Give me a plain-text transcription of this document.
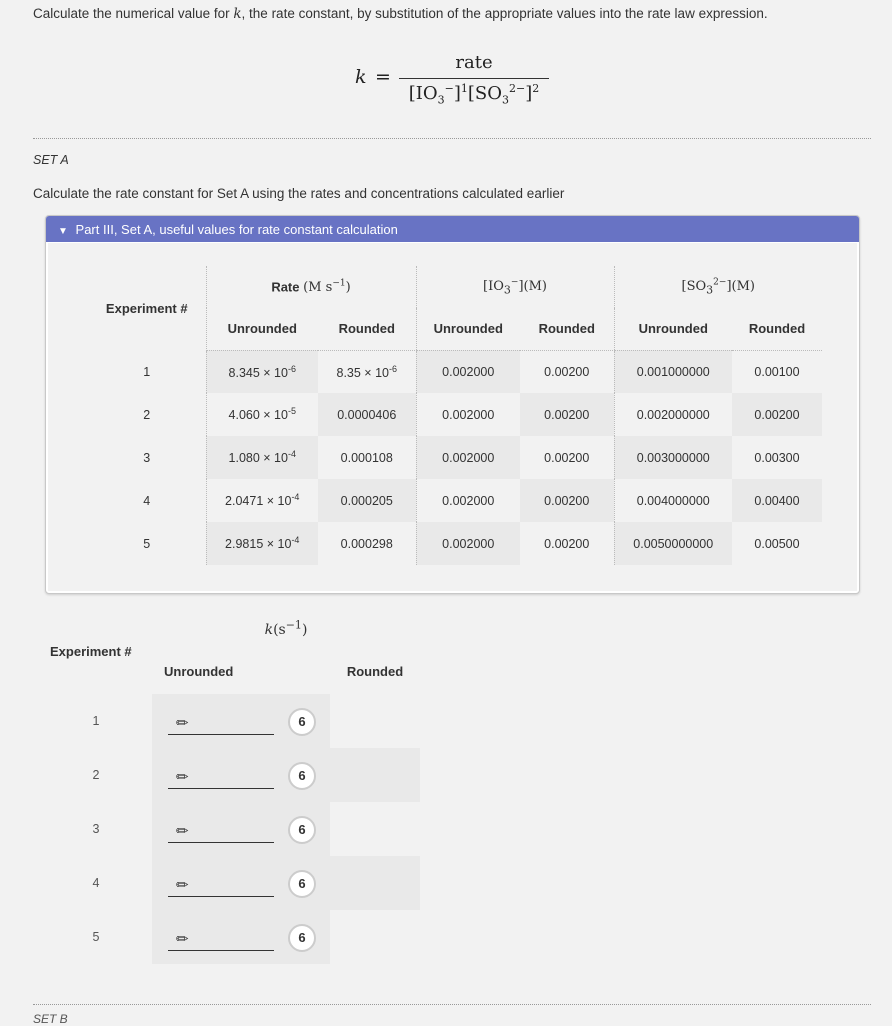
Calculate the numerical value for k, the rate constant, by substitution of the appropriate values into the rate law expression.
k =
rate
$[IO_3^-]^1[SO_3^{2-}]^2$
SET A
Calculate the rate constant for Set A using the rates and concentrations calculated earlier
▼ Part III, Set A, useful values for rate constant calculation
Experiment #	Rate (M $s^{-1}$)		$[IO_3^-](M)$		$[SO_3^{2-}](M)$	
	Unrounded	Rounded	Unrounded	Rounded	Unrounded	Rounded
1	$8.345 \times 10^{-6}$	$8.35 \times 10^{-6}$	0.002000	0.00200	0.001000000	0.00100
2	$4.060 \times 10^{-5}$	0.0000406	0.002000	0.00200	0.002000000	0.00200
3	$1.080 \times 10^{-4}$	0.000108	0.002000	0.00200	0.003000000	0.00300
4	$2.0471 \times 10^{-4}$	0.000205	0.002000	0.00200	0.004000000	0.00400
5	$2.9815 \times 10^{-4}$	0.000298	0.002000	0.00200	0.0050000000	0.00500
Experiment #	$k(s^{-1})$	
	Unrounded	Rounded
1	✏︎ 6	

2	✏︎ 6	

3	✏︎ 6	

4	✏︎ 6	

5	✏︎ 6	

SET B
